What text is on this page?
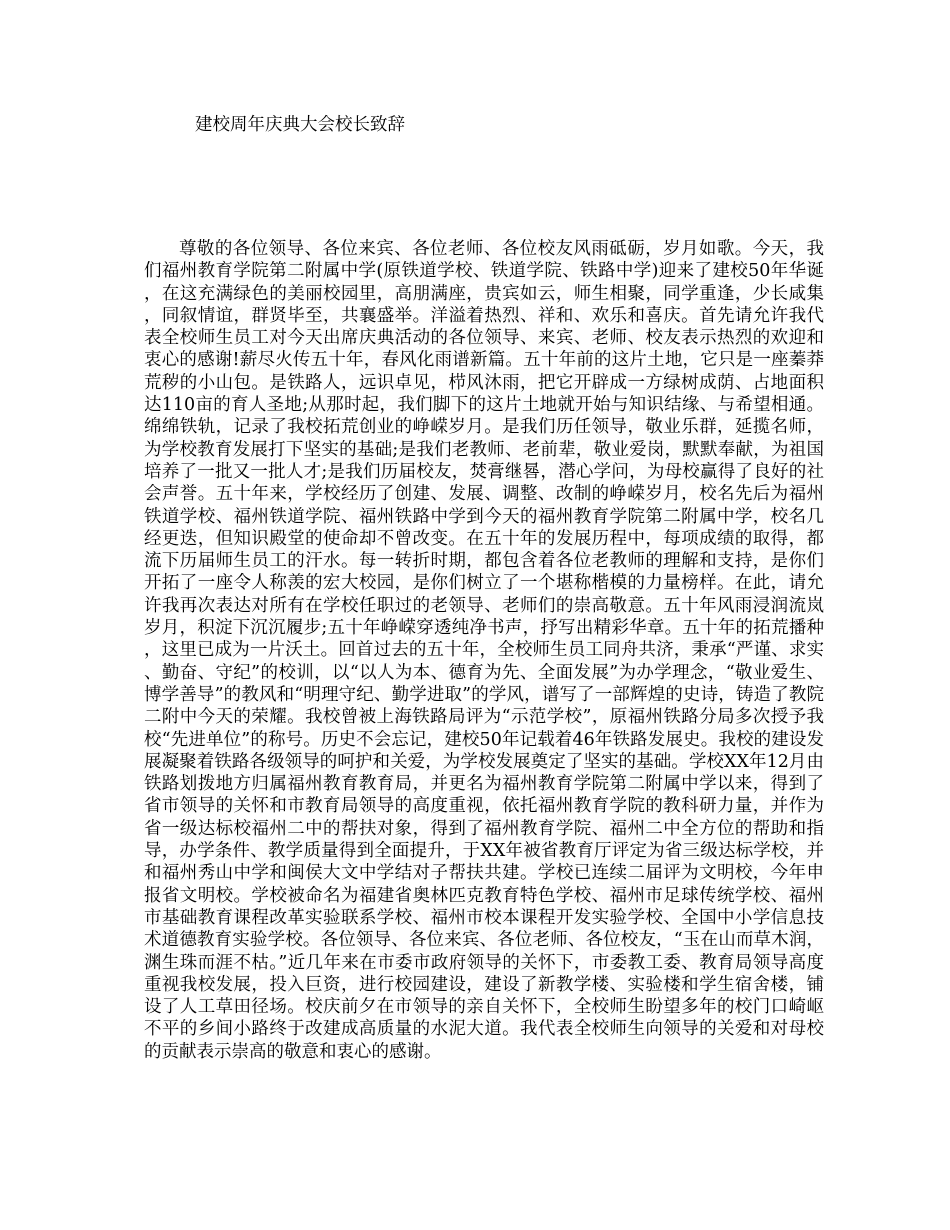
建校周年庆典大会校长致辞

尊敬的各位领导、各位来宾、各位老师、各位校友风雨砥砺，岁月如歌。今天，我们福州教育学院第二附属中学(原铁道学校、铁道学院、铁路中学)迎来了建校50年华诞，在这充满绿色的美丽校园里，高朋满座，贵宾如云，师生相聚，同学重逢，少长咸集，同叙情谊，群贤毕至，共襄盛举。洋溢着热烈、祥和、欢乐和喜庆。首先请允许我代表全校师生员工对今天出席庆典活动的各位领导、来宾、老师、校友表示热烈的欢迎和衷心的感谢!薪尽火传五十年，春风化雨谱新篇。五十年前的这片土地，它只是一座蓁莽荒秽的小山包。是铁路人，远识卓见，栉风沐雨，把它开辟成一方绿树成荫、占地面积达110亩的育人圣地;从那时起，我们脚下的这片土地就开始与知识结缘、与希望相通。绵绵铁轨，记录了我校拓荒创业的峥嵘岁月。是我们历任领导，敬业乐群，延揽名师，为学校教育发展打下坚实的基础;是我们老教师、老前辈，敬业爱岗，默默奉献，为祖国培养了一批又一批人才;是我们历届校友，焚膏继晷，潜心学问，为母校赢得了良好的社会声誉。五十年来，学校经历了创建、发展、调整、改制的峥嵘岁月，校名先后为福州铁道学校、福州铁道学院、福州铁路中学到今天的福州教育学院第二附属中学，校名几经更迭，但知识殿堂的使命却不曾改变。在五十年的发展历程中，每项成绩的取得，都流下历届师生员工的汗水。每一转折时期，都包含着各位老教师的理解和支持，是你们开拓了一座令人称羡的宏大校园，是你们树立了一个堪称楷模的力量榜样。在此，请允许我再次表达对所有在学校任职过的老领导、老师们的崇高敬意。五十年风雨浸润流岚岁月，积淀下沉沉履步;五十年峥嵘穿透纯净书声，抒写出精彩华章。五十年的拓荒播种，这里已成为一片沃土。回首过去的五十年，全校师生员工同舟共济，秉承“严谨、求实、勤奋、守纪”的校训，以“以人为本、德育为先、全面发展”为办学理念，“敬业爱生、博学善导”的教风和“明理守纪、勤学进取”的学风，谱写了一部辉煌的史诗，铸造了教院二附中今天的荣耀。我校曾被上海铁路局评为“示范学校”，原福州铁路分局多次授予我校“先进单位”的称号。历史不会忘记，建校50年记载着46年铁路发展史。我校的建设发展凝聚着铁路各级领导的呵护和关爱，为学校发展奠定了坚实的基础。学校XX年12月由铁路划拨地方归属福州教育教育局，并更名为福州教育学院第二附属中学以来，得到了省市领导的关怀和市教育局领导的高度重视，依托福州教育学院的教科研力量，并作为省一级达标校福州二中的帮扶对象，得到了福州教育学院、福州二中全方位的帮助和指导，办学条件、教学质量得到全面提升，于XX年被省教育厅评定为省三级达标学校，并和福州秀山中学和闽侯大文中学结对子帮扶共建。学校已连续二届评为文明校，今年申报省文明校。学校被命名为福建省奥林匹克教育特色学校、福州市足球传统学校、福州市基础教育课程改革实验联系学校、福州市校本课程开发实验学校、全国中小学信息技术道德教育实验学校。各位领导、各位来宾、各位老师、各位校友，“玉在山而草木润，渊生珠而涯不枯。”近几年来在市委市政府领导的关怀下，市委教工委、教育局领导高度重视我校发展，投入巨资，进行校园建设，建设了新教学楼、实验楼和学生宿舍楼，铺设了人工草田径场。校庆前夕在市领导的亲自关怀下，全校师生盼望多年的校门口崎岖不平的乡间小路终于改建成高质量的水泥大道。我代表全校师生向领导的关爱和对母校的贡献表示崇高的敬意和衷心的感谢。
